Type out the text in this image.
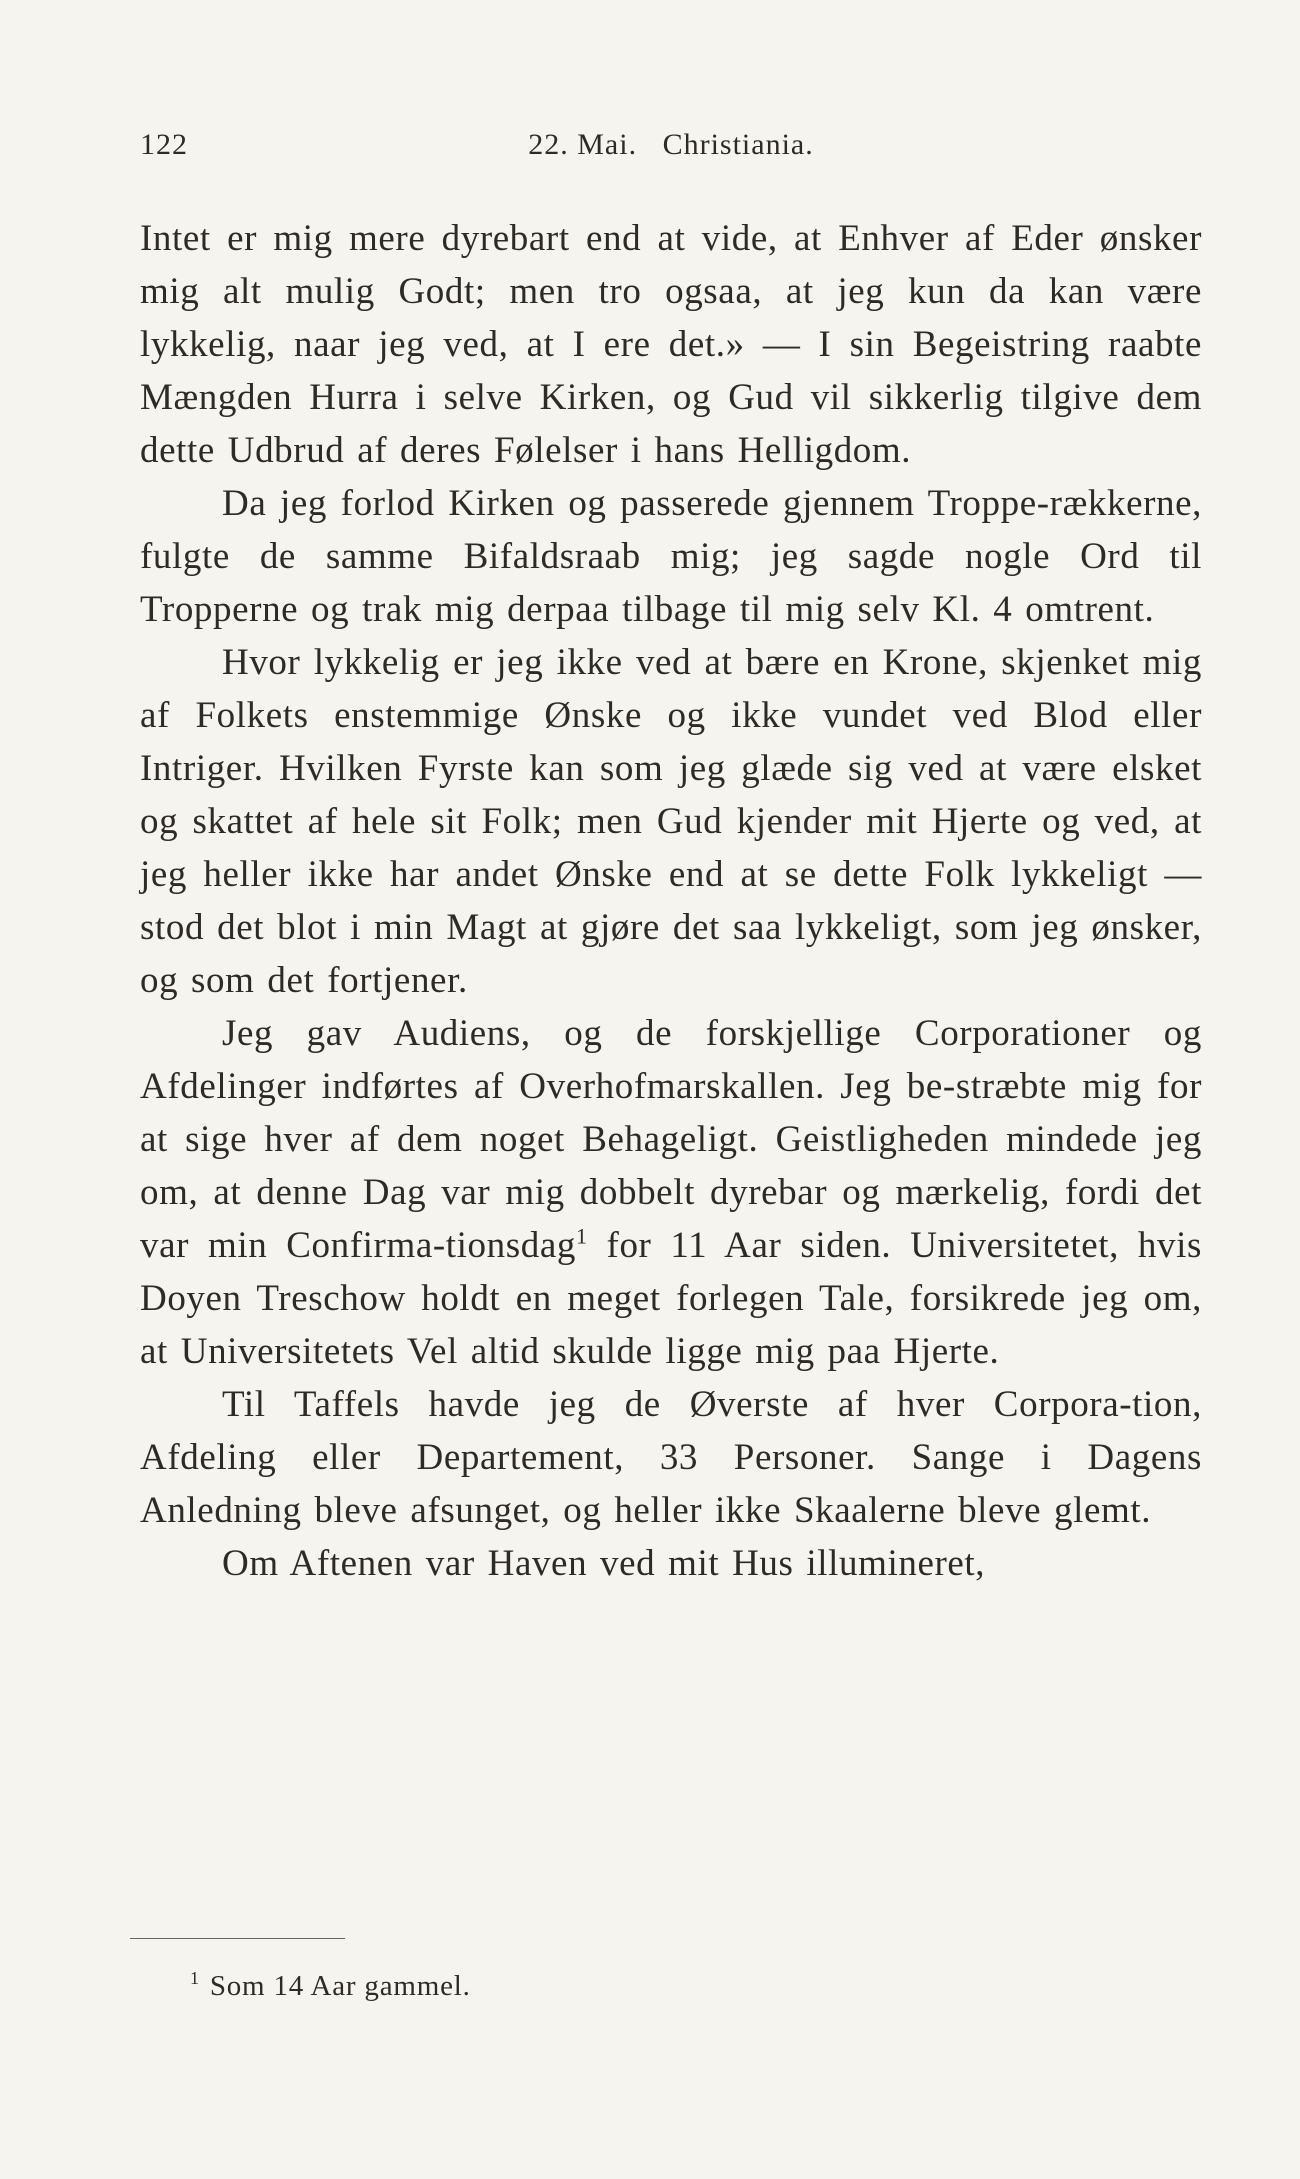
122	22. Mai.   Christiania.

Intet er mig mere dyrebart end at vide, at Enhver af Eder ønsker mig alt mulig Godt; men tro ogsaa, at jeg kun da kan være lykkelig, naar jeg ved, at I ere det.» — I sin Begeistring raabte Mængden Hurra i selve Kirken, og Gud vil sikkerlig tilgive dem dette Udbrud af deres Følelser i hans Helligdom.

Da jeg forlod Kirken og passerede gjennem Troppe-rækkerne, fulgte de samme Bifaldsraab mig; jeg sagde nogle Ord til Tropperne og trak mig derpaa tilbage til mig selv Kl. 4 omtrent.

Hvor lykkelig er jeg ikke ved at bære en Krone, skjenket mig af Folkets enstemmige Ønske og ikke vundet ved Blod eller Intriger. Hvilken Fyrste kan som jeg glæde sig ved at være elsket og skattet af hele sit Folk; men Gud kjender mit Hjerte og ved, at jeg heller ikke har andet Ønske end at se dette Folk lykkeligt — stod det blot i min Magt at gjøre det saa lykkeligt, som jeg ønsker, og som det fortjener.

Jeg gav Audiens, og de forskjellige Corporationer og Afdelinger indførtes af Overhofmarskallen. Jeg be-stræbte mig for at sige hver af dem noget Behageligt. Geistligheden mindede jeg om, at denne Dag var mig dobbelt dyrebar og mærkelig, fordi det var min Confirma-tionsdag$^1$ for 11 Aar siden. Universitetet, hvis Doyen Treschow holdt en meget forlegen Tale, forsikrede jeg om, at Universitetets Vel altid skulde ligge mig paa Hjerte.

Til Taffels havde jeg de Øverste af hver Corpora-tion, Afdeling eller Departement, 33 Personer. Sange i Dagens Anledning bleve afsunget, og heller ikke Skaalerne bleve glemt.

Om Aftenen var Haven ved mit Hus illumineret,

$^1$ Som 14 Aar gammel.
